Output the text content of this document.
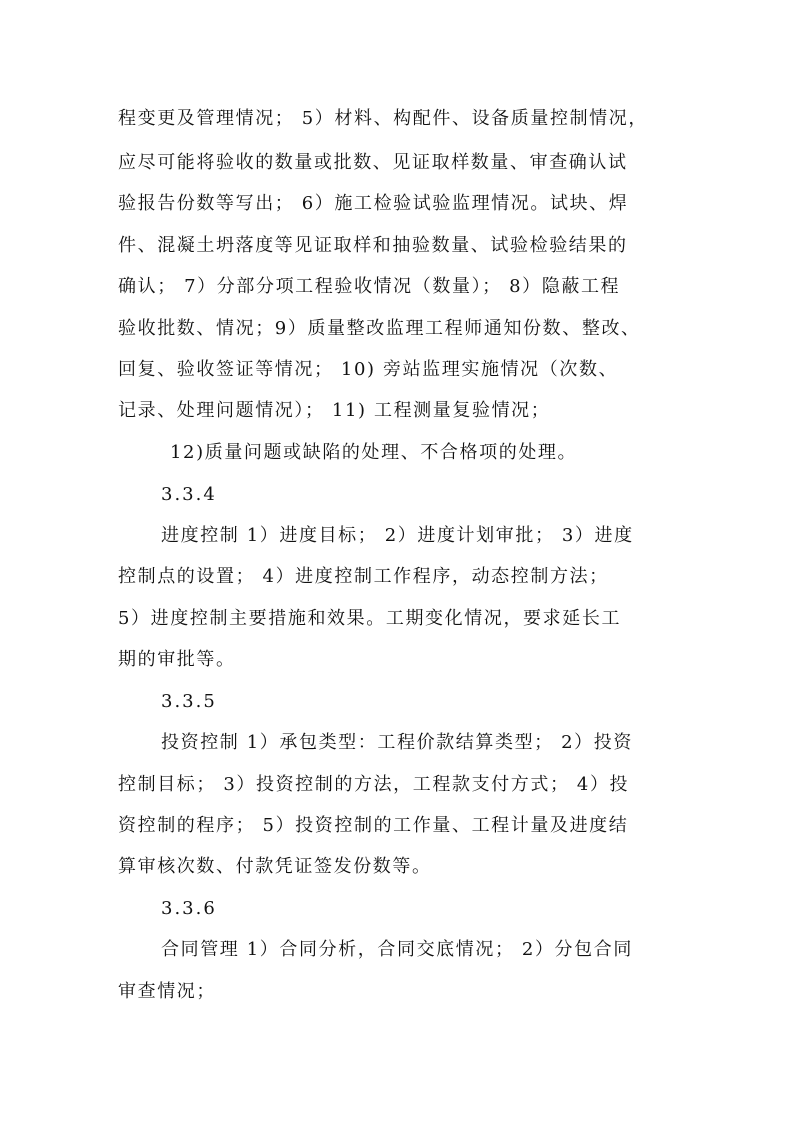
程变更及管理情况； 5）材料、构配件、设备质量控制情况，
应尽可能将验收的数量或批数、见证取样数量、审查确认试
验报告份数等写出； 6）施工检验试验监理情况。试块、焊
件、混凝土坍落度等见证取样和抽验数量、试验检验结果的
确认； 7）分部分项工程验收情况（数量）； 8）隐蔽工程
验收批数、情况；9）质量整改监理工程师通知份数、整改、
回复、验收签证等情况； 10) 旁站监理实施情况（次数、
记录、处理问题情况）； 11) 工程测量复验情况；
12)质量问题或缺陷的处理、不合格项的处理。
3.3.4
进度控制 1）进度目标； 2）进度计划审批； 3）进度
控制点的设置； 4）进度控制工作程序，动态控制方法；
5）进度控制主要措施和效果。工期变化情况，要求延长工
期的审批等。
3.3.5
投资控制 1）承包类型：工程价款结算类型； 2）投资
控制目标； 3）投资控制的方法，工程款支付方式； 4）投
资控制的程序； 5）投资控制的工作量、工程计量及进度结
算审核次数、付款凭证签发份数等。
3.3.6
合同管理 1）合同分析，合同交底情况； 2）分包合同
审查情况；
